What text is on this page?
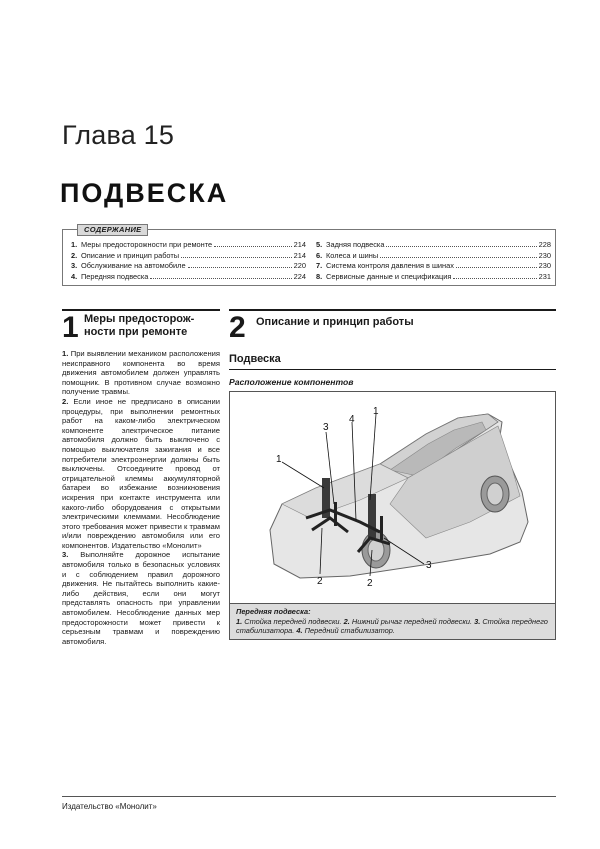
Глава 15
ПОДВЕСКА
СОДЕРЖАНИЕ
1. Меры предосторожности при ремонте	214
2. Описание и принцип работы	214
3. Обслуживание на автомобиле	220
4. Передняя подвеска	224
5. Задняя подвеска	228
6. Колеса и шины	230
7. Система контроля давления в шинах	230
8. Сервисные данные и спецификация	231
1 Меры предосторож-
ности при ремонте

1. При выявлении механиком расположения неисправного компонента во время движения автомобилем должен управлять помощник. В противном случае возможно получение травмы.

2. Если иное не предписано в описании процедуры, при выполнении ремонтных работ на каком-либо электрическом компоненте электрическое питание автомобиля должно быть выключено с помощью выключателя зажигания и все потребители электроэнергии должны быть выключены. Отсоедините провод от отрицательной клеммы аккумуляторной батареи во избежание возникновения искрения при контакте инструмента или какого-либо оборудования с открытыми электрическими клеммами. Несоблюдение этого требования может привести к травмам и/или повреждению автомобиля или его компонентов. Издательство «Монолит»

3. Выполняйте дорожное испытание автомобиля только в безопасных условиях и с соблюдением правил дорожного движения. Не пытайтесь выполнить какие-либо действия, если они могут представлять опасность при управлении автомобилем. Несоблюдение данных мер предосторожности может привести к серьезным травмам и повреждению автомобиля.

2 Описание и принцип работы
Подвеска
Расположение компонентов
1
1
2	2
3
3
4
Передняя подвеска:
1. Стойка передней подвески. 2. Нижний рычаг передней подвески. 3. Стойка переднего стабилизатора. 4. Передний стабилизатор.
Издательство «Монолит»
